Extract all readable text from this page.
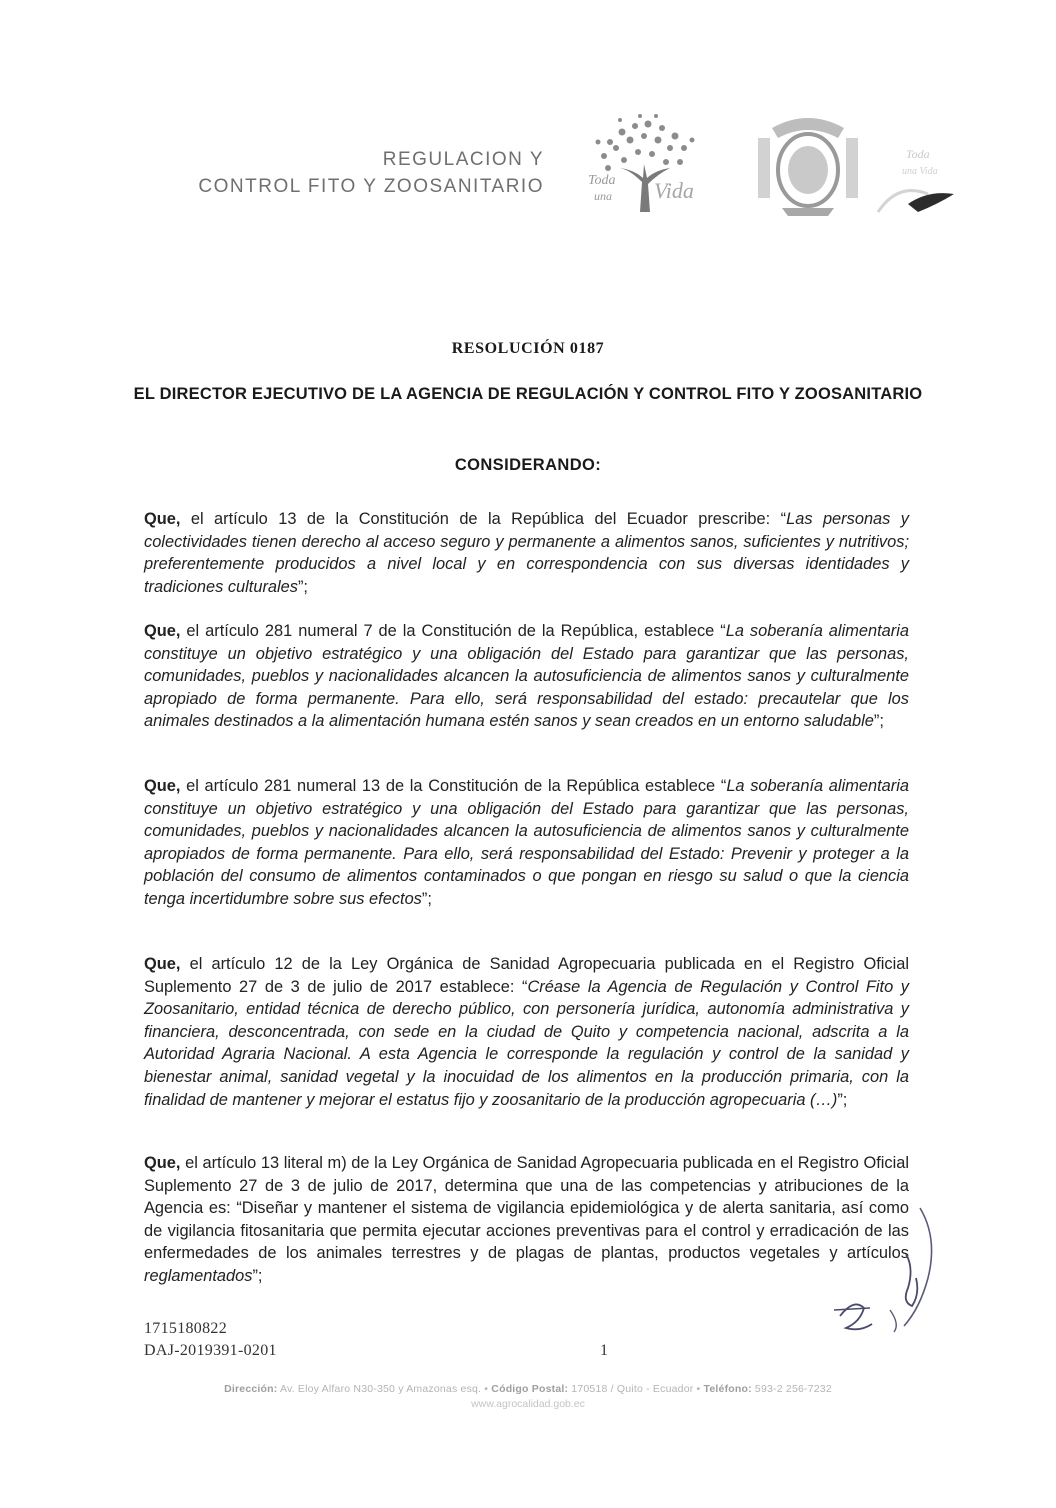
REGULACION Y
CONTROL FITO Y ZOOSANITARIO	Toda
una Vida
Toda
una Vida
RESOLUCIÓN 0187
EL DIRECTOR EJECUTIVO DE LA AGENCIA DE REGULACIÓN Y CONTROL FITO Y ZOOSANITARIO
CONSIDERANDO:
Que, el artículo 13 de la Constitución de la República del Ecuador prescribe: “Las personas y colectividades tienen derecho al acceso seguro y permanente a alimentos sanos, suficientes y nutritivos; preferentemente producidos a nivel local y en correspondencia con sus diversas identidades y tradiciones culturales”;
Que, el artículo 281 numeral 7 de la Constitución de la República, establece “La soberanía alimentaria constituye un objetivo estratégico y una obligación del Estado para garantizar que las personas, comunidades, pueblos y nacionalidades alcancen la autosuficiencia de alimentos sanos y culturalmente apropiado de forma permanente. Para ello, será responsabilidad del estado: precautelar que los animales destinados a la alimentación humana estén sanos y sean creados en un entorno saludable”;
Que, el artículo 281 numeral 13 de la Constitución de la República establece “La soberanía alimentaria constituye un objetivo estratégico y una obligación del Estado para garantizar que las personas, comunidades, pueblos y nacionalidades alcancen la autosuficiencia de alimentos sanos y culturalmente apropiados de forma permanente. Para ello, será responsabilidad del Estado: Prevenir y proteger a la población del consumo de alimentos contaminados o que pongan en riesgo su salud o que la ciencia tenga incertidumbre sobre sus efectos”;
Que, el artículo 12 de la Ley Orgánica de Sanidad Agropecuaria publicada en el Registro Oficial Suplemento 27 de 3 de julio de 2017 establece: “Créase la Agencia de Regulación y Control Fito y Zoosanitario, entidad técnica de derecho público, con personería jurídica, autonomía administrativa y financiera, desconcentrada, con sede en la ciudad de Quito y competencia nacional, adscrita a la Autoridad Agraria Nacional. A esta Agencia le corresponde la regulación y control de la sanidad y bienestar animal, sanidad vegetal y la inocuidad de los alimentos en la producción primaria, con la finalidad de mantener y mejorar el estatus fijo y zoosanitario de la producción agropecuaria (…)”;
Que, el artículo 13 literal m) de la Ley Orgánica de Sanidad Agropecuaria publicada en el Registro Oficial Suplemento 27 de 3 de julio de 2017, determina que una de las competencias y atribuciones de la Agencia es: “Diseñar y mantener el sistema de vigilancia epidemiológica y de alerta sanitaria, así como de vigilancia fitosanitaria que permita ejecutar acciones preventivas para el control y erradicación de las enfermedades de los animales terrestres y de plagas de plantas, productos vegetales y artículos reglamentados”;
1715180822
DAJ-2019391-0201	1
Dirección: Av. Eloy Alfaro N30-350 y Amazonas esq. • Código Postal: 170518 / Quito - Ecuador • Teléfono: 593-2 256-7232
www.agrocalidad.gob.ec
